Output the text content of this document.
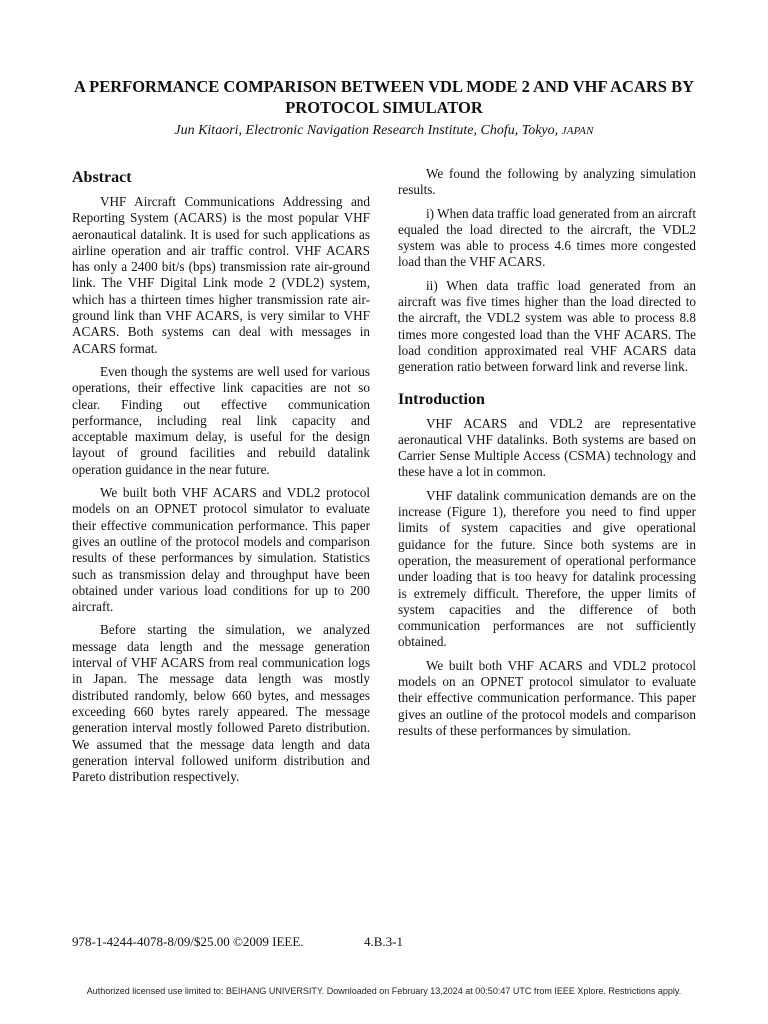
A PERFORMANCE COMPARISON BETWEEN VDL MODE 2 AND VHF ACARS BY PROTOCOL SIMULATOR
Jun Kitaori, Electronic Navigation Research Institute, Chofu, Tokyo, JAPAN
Abstract

VHF Aircraft Communications Addressing and Reporting System (ACARS) is the most popular VHF aeronautical datalink. It is used for such applications as airline operation and air traffic control. VHF ACARS has only a 2400 bit/s (bps) transmission rate air-ground link. The VHF Digital Link mode 2 (VDL2) system, which has a thirteen times higher transmission rate air-ground link than VHF ACARS, is very similar to VHF ACARS. Both systems can deal with messages in ACARS format.

Even though the systems are well used for various operations, their effective link capacities are not so clear. Finding out effective communication performance, including real link capacity and acceptable maximum delay, is useful for the design layout of ground facilities and rebuild datalink operation guidance in the near future.

We built both VHF ACARS and VDL2 protocol models on an OPNET protocol simulator to evaluate their effective communication performance. This paper gives an outline of the protocol models and comparison results of these performances by simulation. Statistics such as transmission delay and throughput have been obtained under various load conditions for up to 200 aircraft.

Before starting the simulation, we analyzed message data length and the message generation interval of VHF ACARS from real communication logs in Japan. The message data length was mostly distributed randomly, below 660 bytes, and messages exceeding 660 bytes rarely appeared. The message generation interval mostly followed Pareto distribution. We assumed that the message data length and data generation interval followed uniform distribution and Pareto distribution respectively.

We found the following by analyzing simulation results.

i) When data traffic load generated from an aircraft equaled the load directed to the aircraft, the VDL2 system was able to process 4.6 times more congested load than the VHF ACARS.

ii) When data traffic load generated from an aircraft was five times higher than the load directed to the aircraft, the VDL2 system was able to process 8.8 times more congested load than the VHF ACARS. The load condition approximated real VHF ACARS data generation ratio between forward link and reverse link.

Introduction

VHF ACARS and VDL2 are representative aeronautical VHF datalinks. Both systems are based on Carrier Sense Multiple Access (CSMA) technology and these have a lot in common.

VHF datalink communication demands are on the increase (Figure 1), therefore you need to find upper limits of system capacities and give operational guidance for the future. Since both systems are in operation, the measurement of operational performance under loading that is too heavy for datalink processing is extremely difficult. Therefore, the upper limits of system capacities and the difference of both communication performances are not sufficiently obtained.

We built both VHF ACARS and VDL2 protocol models on an OPNET protocol simulator to evaluate their effective communication performance. This paper gives an outline of the protocol models and comparison results of these performances by simulation.

978-1-4244-4078-8/09/$25.00 ©2009 IEEE.	4.B.3-1
Authorized licensed use limited to: BEIHANG UNIVERSITY. Downloaded on February 13,2024 at 00:50:47 UTC from IEEE Xplore. Restrictions apply.
